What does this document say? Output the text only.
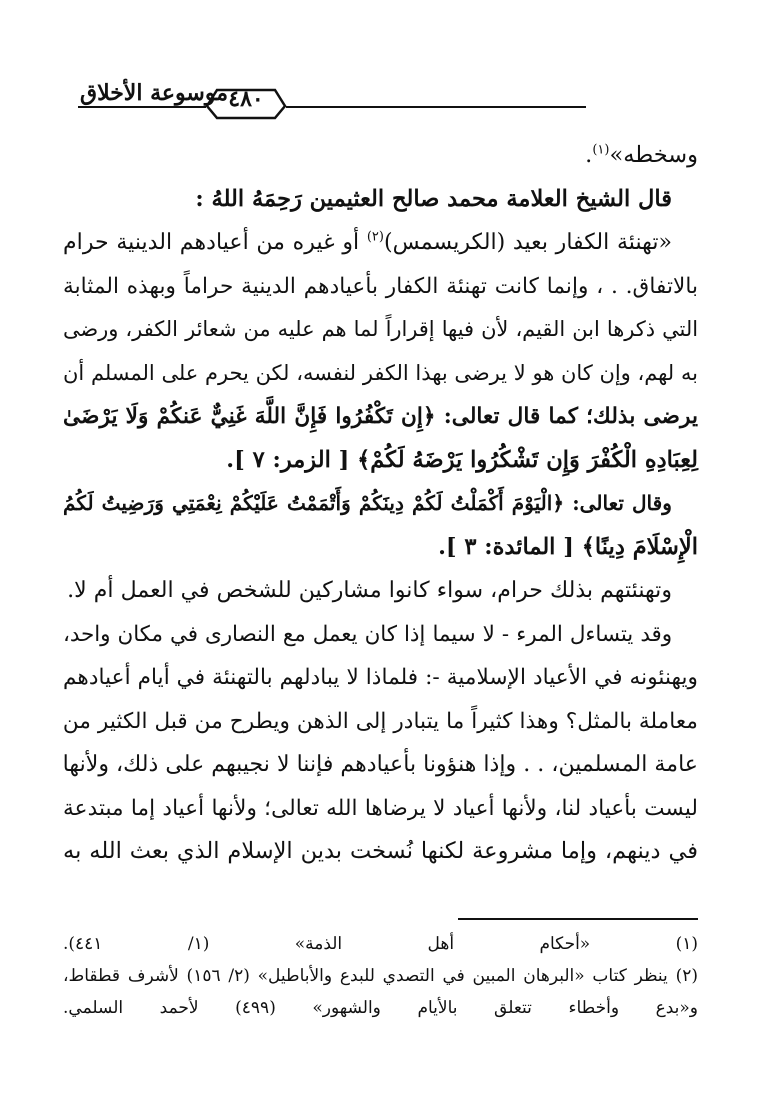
٤٨٠
موسوعة الأخلاق
وسخطه»$^{(١)}$.
قال الشيخ العلامة محمد صالح العثيمين رَحِمَهُ اللهُ :
«تهنئة الكفار بعيد (الكريسمس)$^{(٢)}$ أو غيره من أعيادهم الدينية حرام
بالاتفاق. . ، وإنما كانت تهنئة الكفار بأعيادهم الدينية حراماً وبهذه المثابة
التي ذكرها ابن القيم، لأن فيها إقراراً لما هم عليه من شعائر الكفر، ورضى
به لهم، وإن كان هو لا يرضى بهذا الكفر لنفسه، لكن يحرم على المسلم أن
يرضى بذلك؛ كما قال تعالى: ﴿إِن تَكْفُرُوا فَإِنَّ اللَّهَ غَنِيٌّ عَنكُمْ وَلَا يَرْضَىٰ
لِعِبَادِهِ الْكُفْرَ وَإِن تَشْكُرُوا يَرْضَهُ لَكُمْ﴾ [ الزمر: ٧ ].
وقال تعالى: ﴿الْيَوْمَ أَكْمَلْتُ لَكُمْ دِينَكُمْ وَأَتْمَمْتُ عَلَيْكُمْ نِعْمَتِي وَرَضِيتُ لَكُمُ
الْإِسْلَامَ دِينًا﴾ [ المائدة: ٣ ].
وتهنئتهم بذلك حرام، سواء كانوا مشاركين للشخص في العمل أم لا.
وقد يتساءل المرء - لا سيما إذا كان يعمل مع النصارى في مكان واحد،
ويهنئونه في الأعياد الإسلامية -: فلماذا لا يبادلهم بالتهنئة في أيام أعيادهم
معاملة بالمثل؟ وهذا كثيراً ما يتبادر إلى الذهن ويطرح من قبل الكثير من
عامة المسلمين، . . وإذا هنؤونا بأعيادهم فإننا لا نجيبهم على ذلك، ولأنها
ليست بأعياد لنا، ولأنها أعياد لا يرضاها الله تعالى؛ ولأنها أعياد إما مبتدعة
في دينهم، وإما مشروعة لكنها نُسخت بدين الإسلام الذي بعث الله به
(١) «أحكام أهل الذمة» (١/ ٤٤١).
(٢) ينظر كتاب «البرهان المبين في التصدي للبدع والأباطيل» (٢/ ١٥٦) لأشرف قطقاط،
و«بدع وأخطاء تتعلق بالأيام والشهور» (٤٩٩) لأحمد السلمي.
